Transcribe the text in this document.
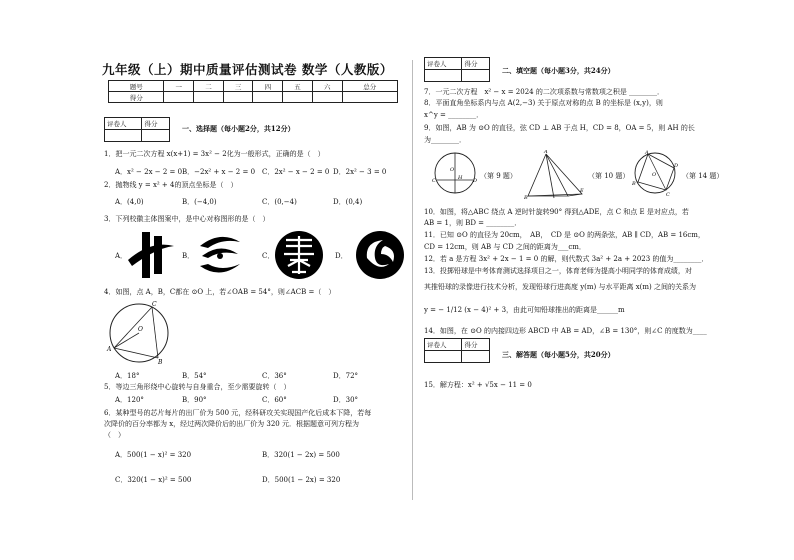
九年级（上）期中质量评估测试卷 数学（人教版）
题号	一	二	三	四	五	六	总分
得分							
评卷人	得分
		一、选择题（每小题2分，共12分）
1．把一元二次方程 x(x+1) = 3x² − 2化为一般形式，正确的是（　）
A．x² − 2x − 2 = 0 B．−2x² + x − 2 = 0 C．2x² − x − 2 = 0 D．2x² − 3 = 0
2．抛物线 y = x² + 4的顶点坐标是（　）
A．(4,0)	B．(−4,0)	C．(0,−4)	D．(0,4)
3．下列校徽主体图案中，是中心对称图形的是（　）
A．	B．	C．	D．
4．如图，点 A，B，C都在 ⊙O 上，若∠OAB = 54°，则∠ACB =（　）
O
A
B
C
A．18°	B．54°	C．36°	D．72°
5．等边三角形绕中心旋转与自身重合，至少需要旋转（　）
A．120°	B．90°	C．60°	D．30°
6．某种型号的芯片每片的出厂价为 500 元，经科研攻关实现国产化后成本下降，若每
次降价的百分率都为 x，经过两次降价后的出厂价为 320 元．根据题意可列方程为
（　）
A．500(1 − x)² = 320	B．320(1 − 2x) = 500
C．320(1 − x)² = 500	D．500(1 − 2x) = 320
评卷人	得分

二、填空题（每小题3分，共24分）
7．一元二次方程　x² − x = 2024 的二次项系数与常数项之积是 ________．
8．平面直角坐标系内与点 A(2,−3) 关于原点对称的点 B 的坐标是 (x,y)，则
x^y = ________．
9．如图，AB 为 ⊙O 的直径，弦 CD ⊥ AB 于点 H，CD = 8，OA = 5，则 AH 的长
为________．
O
H
C	D
（第 9 题）
A
B
E
（第 10 题）	O
A
B
D
C
（第 14 题）
10．如图，将△ABC 绕点 A 逆时针旋转90° 得到△ADE，点 C 和点 E 是对应点，若
AB = 1，则 BD = ________．
11．已知 ⊙O 的直径为 20cm，　AB，　CD 是 ⊙O 的两条弦，AB ∥ CD，AB = 16cm，
CD = 12cm，则 AB 与 CD 之间的距离为___cm．
12．若 a 是方程 3x² + 2x − 1 = 0 的解，则代数式 3a² + 2a + 2023 的值为________．
13．投掷铅球是中考体育测试选择项目之一，体育老师为提高小明同学的体育成绩，对
其推铅球的录像进行技术分析，发现铅球行进高度 y(m) 与水平距离 x(m) 之间的关系为
y = − 1/12 (x − 4)² + 3，由此可知铅球推出的距离是______m
14．如图，在 ⊙O 的内接四边形 ABCD 中 AB = AD，∠B = 130°，则∠C 的度数为____
评卷人	得分

三、解答题（每小题5分，共20分）
15．解方程：x² + √5x − 11 = 0
